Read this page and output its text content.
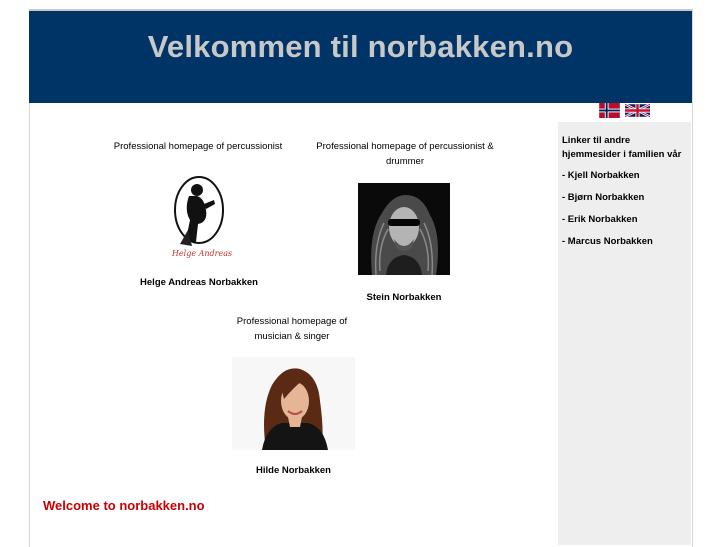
Velkommen til norbakken.no
Linker til andre hjemmesider i familien vår
- Kjell Norbakken
- Bjørn Norbakken
- Erik Norbakken
- Marcus Norbakken
Professional homepage of percussionist
Helge Andreas
Helge Andreas Norbakken
Professional homepage of percussionist & drummer
Stein Norbakken
Professional homepage of musician & singer
Hilde Norbakken
Welcome to norbakken.no
